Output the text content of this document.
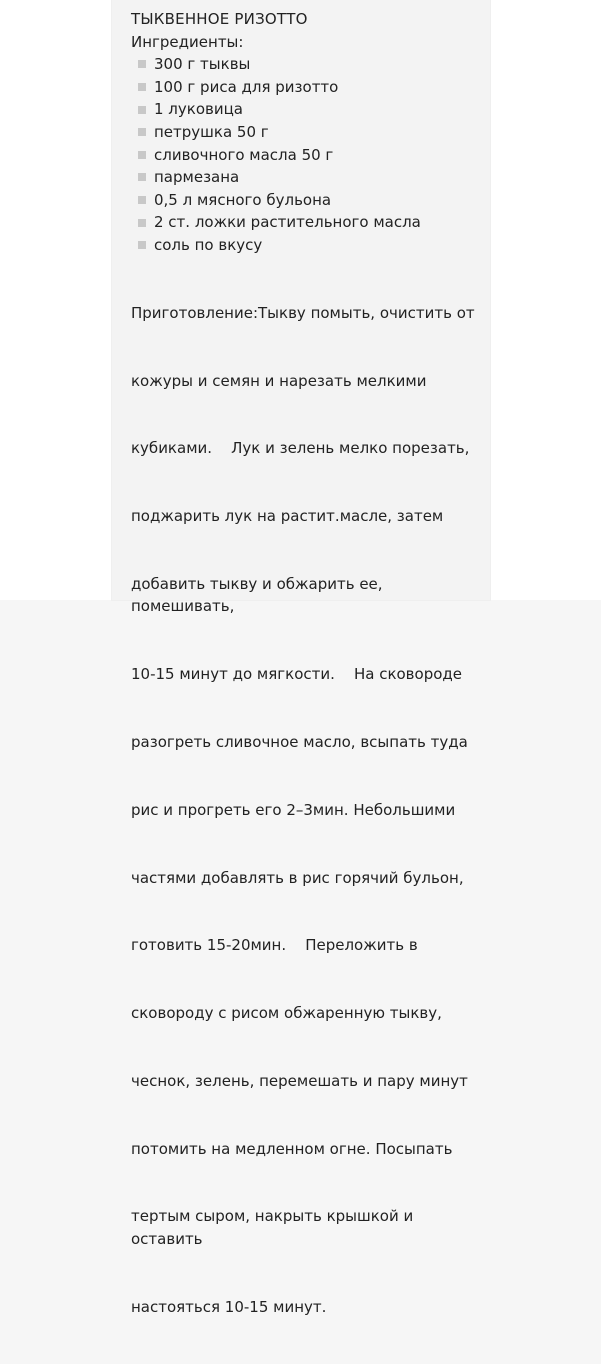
ТЫКВЕННОЕ РИЗОТТО

Ингредиенты:

300 г тыквы
100 г риса для ризотто
1 луковица
петрушка 50 г
сливочного масла 50 г
пармезана
0,5 л мясного бульона
2 ст. ложки растительного масла
соль по вкусу

Приготовление:Тыкву помыть, очистить от

кожуры и семян и нарезать мелкими

кубиками.    Лук и зелень мелко порезать,

поджарить лук на растит.масле, затем

добавить тыкву и обжарить ее, помешивать,

10-15 минут до мягкости.    На сковороде

разогреть сливочное масло, всыпать туда

рис и прогреть его 2–3мин. Небольшими

частями добавлять в рис горячий бульон,

готовить 15-20мин.    Переложить в

сковороду с рисом обжаренную тыкву,

чеснок, зелень, перемешать и пару минут

потомить на медленном огне. Посыпать

тертым сыром, накрыть крышкой и оставить

настояться 10-15 минут.
